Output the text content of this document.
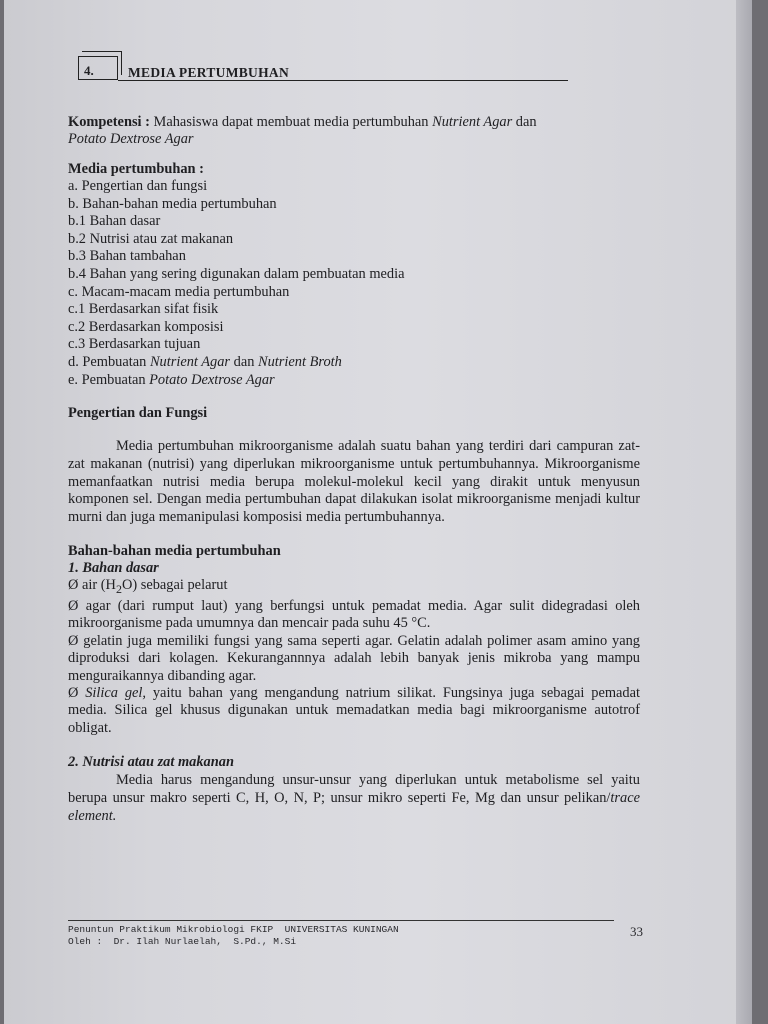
4.	MEDIA PERTUMBUHAN
Kompetensi : Mahasiswa dapat membuat media pertumbuhan Nutrient Agar dan
Potato Dextrose Agar
Media pertumbuhan :
a. Pengertian dan fungsi
b. Bahan-bahan media pertumbuhan
b.1 Bahan dasar
b.2 Nutrisi atau zat makanan
b.3 Bahan tambahan
b.4 Bahan yang sering digunakan dalam pembuatan media
c. Macam-macam media pertumbuhan
c.1 Berdasarkan sifat fisik
c.2 Berdasarkan komposisi
c.3 Berdasarkan tujuan
d. Pembuatan Nutrient Agar dan Nutrient Broth
e. Pembuatan Potato Dextrose Agar
Pengertian dan Fungsi
Media pertumbuhan mikroorganisme adalah suatu bahan yang terdiri dari campuran zat-zat makanan (nutrisi) yang diperlukan mikroorganisme untuk pertumbuhannya. Mikroorganisme memanfaatkan nutrisi media berupa molekul-molekul kecil yang dirakit untuk menyusun komponen sel. Dengan media pertumbuhan dapat dilakukan isolat mikroorganisme menjadi kultur murni dan juga memanipulasi komposisi media pertumbuhannya.
Bahan-bahan media pertumbuhan
1. Bahan dasar
Ø air $(H_2O)$ sebagai pelarut
Ø agar (dari rumput laut) yang berfungsi untuk pemadat media. Agar sulit didegradasi oleh mikroorganisme pada umumnya dan mencair pada suhu 45 °C.
Ø gelatin juga memiliki fungsi yang sama seperti agar. Gelatin adalah polimer asam amino yang diproduksi dari kolagen. Kekurangannnya adalah lebih banyak jenis mikroba yang mampu menguraikannya dibanding agar.
Ø Silica gel, yaitu bahan yang mengandung natrium silikat. Fungsinya juga sebagai pemadat media. Silica gel khusus digunakan untuk memadatkan media bagi mikroorganisme autotrof obligat.
2. Nutrisi atau zat makanan
Media harus mengandung unsur-unsur yang diperlukan untuk metabolisme sel yaitu berupa unsur makro seperti C, H, O, N, P; unsur mikro seperti Fe, Mg dan unsur pelikan/trace element.
Penuntun Praktikum Mikrobiologi FKIP  UNIVERSITAS KUNINGAN
Oleh :  Dr. Ilah Nurlaelah,  S.Pd., M.Si
33
